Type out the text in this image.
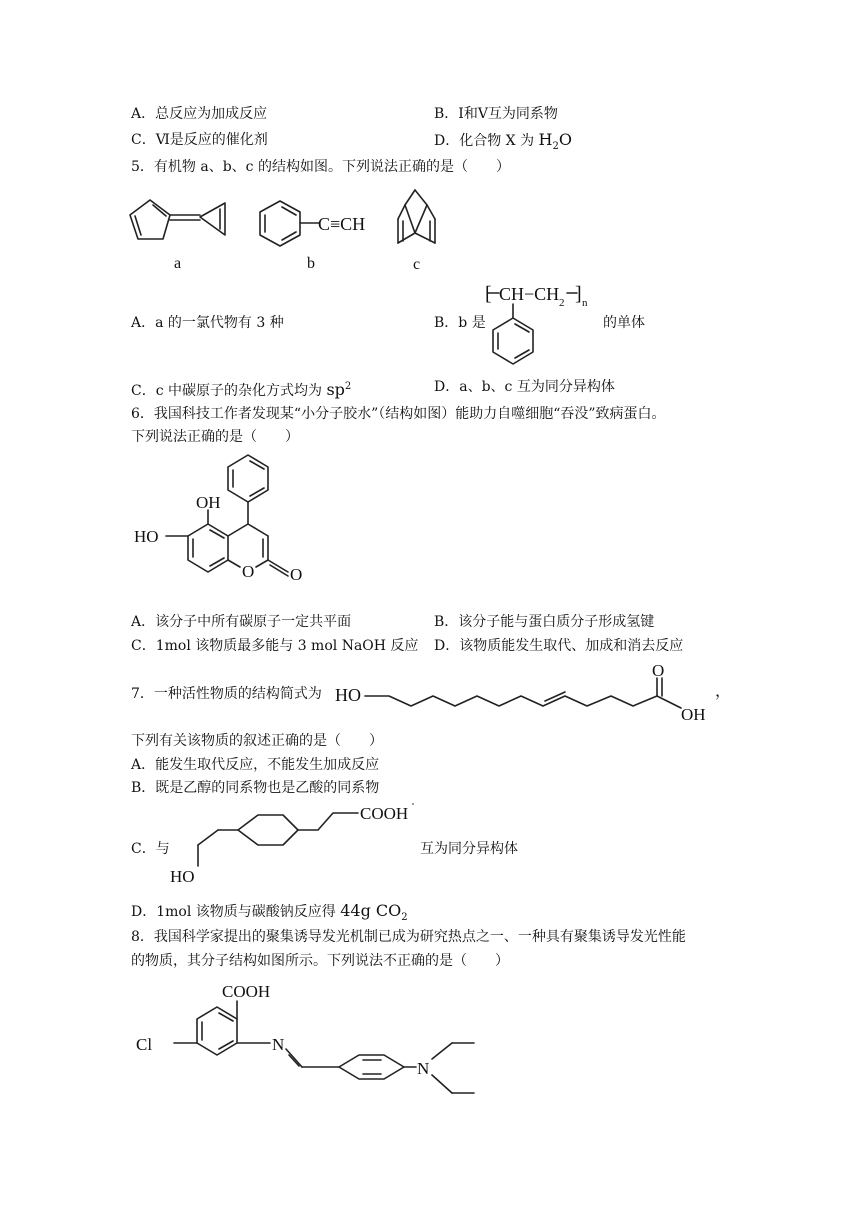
A．总反应为加成反应	B．Ⅰ和Ⅴ互为同系物
C．Ⅵ是反应的催化剂	D．化合物 X 为 $H_2O$
5．有机物 a、b、c 的结构如图。下列说法正确的是（　　）
a
C≡CH
b	c
A．a 的一氯代物有 3 种	B．b 是
[ CH−CH 2 ] n
的单体
C．c 中碳原子的杂化方式均为 $sp^2$	D．a、b、c 互为同分异构体
6．我国科技工作者发现某“小分子胶水”（结构如图）能助力自噬细胞“吞没”致病蛋白。
下列说法正确的是（　　）
O O
OH
HO
A．该分子中所有碳原子一定共平面	B．该分子能与蛋白质分子形成氢键
C．1mol 该物质最多能与 3 mol NaOH 反应 D．该物质能发生取代、加成和消去反应
7．一种活性物质的结构简式为 HO
O
OH
，
下列有关该物质的叙述正确的是（　　）
A．能发生取代反应，不能发生加成反应
B．既是乙醇的同系物也是乙酸的同系物
C．与
COOH
HO
互为同分异构体
D．1mol 该物质与碳酸钠反应得 44g $CO_2$
8．我国科学家提出的聚集诱导发光机制已成为研究热点之一、一种具有聚集诱导发光性能
的物质，其分子结构如图所示。下列说法不正确的是（　　）
COOH
Cl	N
N
